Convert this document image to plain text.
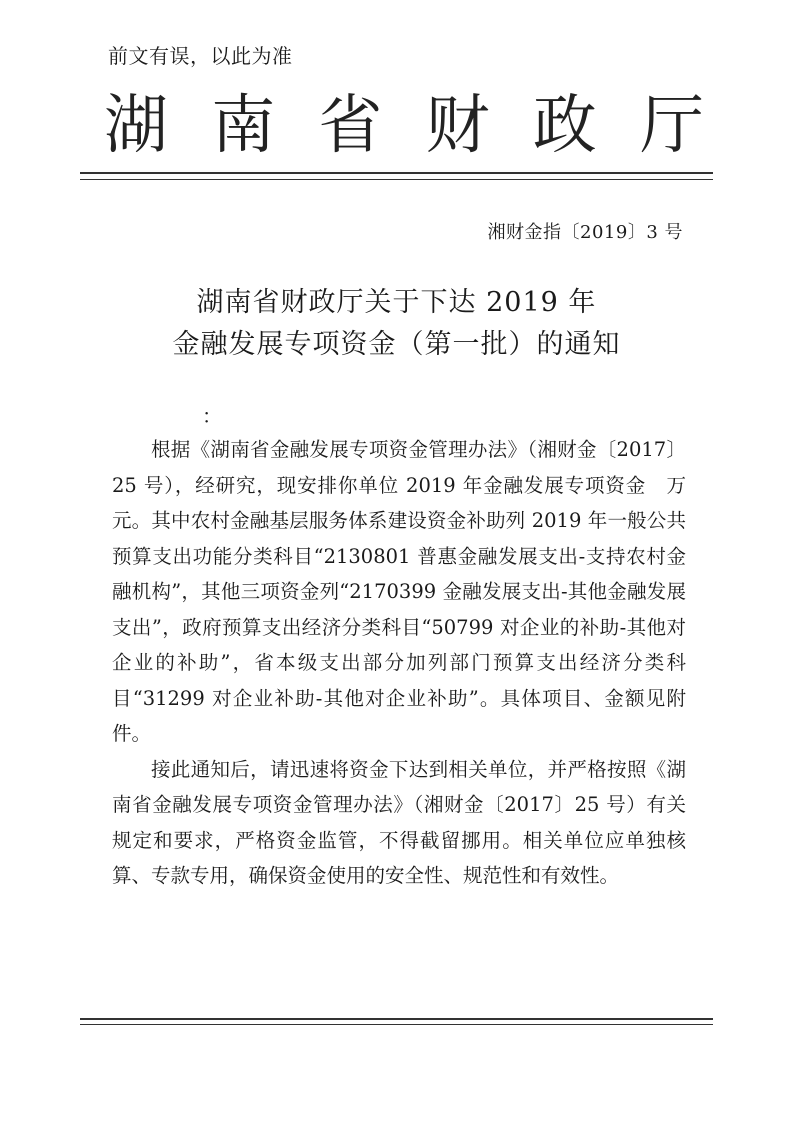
前文有误，以此为准
湖 南 省 财 政 厅
湘财金指〔2019〕3 号
湖南省财政厅关于下达 2019 年
金融发展专项资金（第一批）的通知
：

根据《湖南省金融发展专项资金管理办法》（湘财金〔2017〕25 号），经研究，现安排你单位 2019 年金融发展专项资金　万元。其中农村金融基层服务体系建设资金补助列 2019 年一般公共预算支出功能分类科目“2130801 普惠金融发展支出-支持农村金融机构”，其他三项资金列“2170399 金融发展支出-其他金融发展支出”，政府预算支出经济分类科目“50799 对企业的补助-其他对企业的补助”，省本级支出部分加列部门预算支出经济分类科目“31299 对企业补助-其他对企业补助”。具体项目、金额见附件。

接此通知后，请迅速将资金下达到相关单位，并严格按照《湖南省金融发展专项资金管理办法》（湘财金〔2017〕25 号）有关规定和要求，严格资金监管，不得截留挪用。相关单位应单独核算、专款专用，确保资金使用的安全性、规范性和有效性。
